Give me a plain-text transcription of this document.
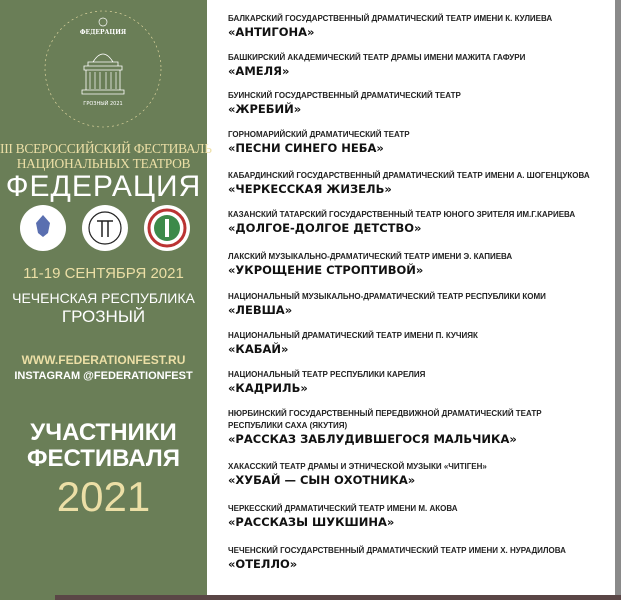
ФЕДЕРАЦИЯ
ГРОЗНЫЙ 2021
III ВСЕРОССИЙСКИЙ ФЕСТИВАЛЬ
НАЦИОНАЛЬНЫХ ТЕАТРОВ
ФЕДЕРАЦИЯ
11-19 СЕНТЯБРЯ 2021
ЧЕЧЕНСКАЯ РЕСПУБЛИКА
ГРОЗНЫЙ
WWW.FEDERATIONFEST.RU
INSTAGRAM @FEDERATIONFEST
УЧАСТНИКИ
ФЕСТИВАЛЯ
2021
БАЛКАРСКИЙ ГОСУДАРСТВЕННЫЙ ДРАМАТИЧЕСКИЙ ТЕАТР ИМЕНИ К. КУЛИЕВА
«АНТИГОНА»
БАШКИРСКИЙ АКАДЕМИЧЕСКИЙ ТЕАТР ДРАМЫ ИМЕНИ МАЖИТА ГАФУРИ
«АМЕЛЯ»
БУИНСКИЙ ГОСУДАРСТВЕННЫЙ ДРАМАТИЧЕСКИЙ ТЕАТР
«ЖРЕБИЙ»
ГОРНОМАРИЙСКИЙ ДРАМАТИЧЕСКИЙ ТЕАТР
«ПЕСНИ СИНЕГО НЕБА»
КАБАРДИНСКИЙ ГОСУДАРСТВЕННЫЙ ДРАМАТИЧЕСКИЙ ТЕАТР ИМЕНИ А. ШОГЕНЦУКОВА
«ЧЕРКЕССКАЯ ЖИЗЕЛЬ»
КАЗАНСКИЙ ТАТАРСКИЙ ГОСУДАРСТВЕННЫЙ ТЕАТР ЮНОГО ЗРИТЕЛЯ ИМ.Г.КАРИЕВА
«ДОЛГОЕ-ДОЛГОЕ ДЕТСТВО»
ЛАКСКИЙ МУЗЫКАЛЬНО-ДРАМАТИЧЕСКИЙ ТЕАТР ИМЕНИ Э. КАПИЕВА
«УКРОЩЕНИЕ СТРОПТИВОЙ»
НАЦИОНАЛЬНЫЙ МУЗЫКАЛЬНО-ДРАМАТИЧЕСКИЙ ТЕАТР РЕСПУБЛИКИ КОМИ
«ЛЕВША»
НАЦИОНАЛЬНЫЙ ДРАМАТИЧЕСКИЙ ТЕАТР ИМЕНИ П. КУЧИЯК
«КАБАЙ»
НАЦИОНАЛЬНЫЙ ТЕАТР РЕСПУБЛИКИ КАРЕЛИЯ
«КАДРИЛЬ»
НЮРБИНСКИЙ ГОСУДАРСТВЕННЫЙ ПЕРЕДВИЖНОЙ ДРАМАТИЧЕСКИЙ ТЕАТР
РЕСПУБЛИКИ САХА (ЯКУТИЯ)
«РАССКАЗ ЗАБЛУДИВШЕГОСЯ МАЛЬЧИКА»
ХАКАССКИЙ ТЕАТР ДРАМЫ И ЭТНИЧЕСКОЙ МУЗЫКИ «ЧИТІГЕН»
«ХУБАЙ — СЫН ОХОТНИКА»
ЧЕРКЕССКИЙ ДРАМАТИЧЕСКИЙ ТЕАТР ИМЕНИ М. АКОВА
«РАССКАЗЫ ШУКШИНА»
ЧЕЧЕНСКИЙ ГОСУДАРСТВЕННЫЙ ДРАМАТИЧЕСКИЙ ТЕАТР ИМЕНИ Х. НУРАДИЛОВА
«ОТЕЛЛО»
